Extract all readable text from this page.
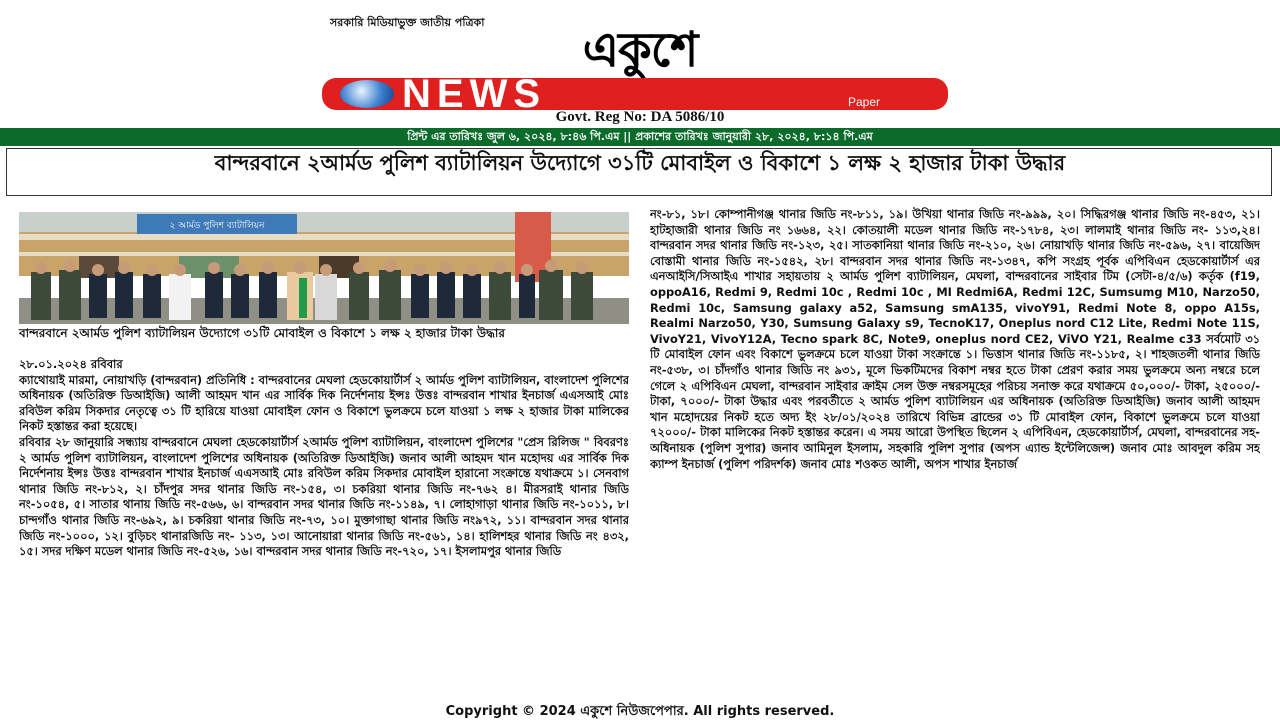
সরকারি মিডিয়াভুক্ত জাতীয় পত্রিকা	একুশে
NEWS	Paper
Govt. Reg No: DA 5086/10
প্রিন্ট এর তারিখঃ জুল ৬, ২০২৪, ৮:৪৬ পি.এম || প্রকাশের তারিখঃ জানুয়ারী ২৮, ২০২৪, ৮:১৪ পি.এম
বান্দরবানে ২আর্মড পুলিশ ব্যাটালিয়ন উদ্যোগে ৩১টি মোবাইল ও বিকাশে ১ লক্ষ ২ হাজার টাকা উদ্ধার
২ আর্মড পুলিশ ব্যাটালিয়ন
বান্দরবানে ২আর্মড পুলিশ ব্যাটালিয়ন উদ্যোগে ৩১টি মোবাইল ও বিকাশে ১ লক্ষ ২ হাজার টাকা উদ্ধার
২৮.০১.২০২৪ রবিবার
ক্যাথোয়াই মারমা, নোয়াখড়ি (বান্দরবান) প্রতিনিধি : বান্দরবানের মেঘলা হেডকোয়ার্টার্স ২ আর্মড পুলিশ ব্যাটালিয়ন, বাংলাদেশ পুলিশের অধিনায়ক (অতিরিক্ত ডিআইজি) আলী আহমদ খান এর সার্বিক দিক নির্দেশনায় ইন্সঃ উত্তঃ বান্দরবান শাখার ইনচার্জ এএসআই মোঃ রবিউল করিম সিকদার নেতৃত্বে ৩১ টি হারিয়ে যাওয়া মোবাইল ফোন ও বিকাশে ভুলক্রমে চলে যাওয়া ১ লক্ষ ২ হাজার টাকা মালিকের নিকট হস্তান্তর করা হয়েছে।
রবিবার ২৮ জানুয়ারি সন্ধ্যায় বান্দরবানে মেঘলা হেডকোয়ার্টার্স ২আর্মড পুলিশ ব্যাটালিয়ন, বাংলাদেশ পুলিশের "প্রেস রিলিজ " বিবরণঃ ২ আর্মড পুলিশ ব্যাটালিয়ন, বাংলাদেশ পুলিশের অধিনায়ক (অতিরিক্ত ডিআইজি) জনাব আলী আহমদ খান মহোদয় এর সার্বিক দিক নির্দেশনায় ইন্সঃ উত্তঃ বান্দরবান শাখার ইনচার্জ এএসআই মোঃ রবিউল করিম সিকদার মোবাইল হারানো সংক্রান্তে যথাক্রমে ১। সেনবাগ থানার জিডি নং-৮১২, ২। চাঁদপুর সদর থানার জিডি নং-১৫৪, ৩। চকরিয়া থানার জিডি নং-৭৬২ ৪। মীরসরাই থানার জিডি নং-১০৫৪, ৫। সাতার থানায় জিডি নং-৫৬৬, ৬। বান্দরবান সদর থানার জিডি নং-১১৪৯, ৭। লোহাগাড়া থানার জিডি নং-১০১১, ৮। চান্দগাঁও থানার জিডি নং-৬৯২, ৯। চকরিয়া থানার জিডি নং-৭৩, ১০। মুক্তাগাছা থানার জিডি নং৯৭২, ১১। বান্দরবান সদর থানার জিডি নং-১০০০, ১২। বুড়িচং থানারজিডি নং- ১১৩, ১৩। আনোয়ারা থানার জিডি নং-৫৬১, ১৪। হালিশহর থানার জিডি নং ৪৩২, ১৫। সদর দক্ষিণ মডেল থানার জিডি নং-৫২৬, ১৬। বান্দরবান সদর থানার জিডি নং-৭২০, ১৭। ইসলামপুর থানার জিডি
নং-৮১, ১৮। কোম্পানীগঞ্জ থানার জিডি নং-৮১১, ১৯। উখিয়া থানার জিডি নং-৯৯৯, ২০। সিদ্ধিরগঞ্জ থানার জিডি নং-৪৫৩, ২১। হাটহাজারী থানার জিডি নং ১৬৬৪, ২২। কোতয়ালী মডেল থানার জিডি নং-১৭৮৪, ২৩। লালমাই থানার জিডি নং- ১১৩,২৪। বান্দরবান সদর থানার জিডি নং-১২৩, ২৫। সাতকানিয়া থানার জিডি নং-২১০, ২৬। নোয়াখড়ি থানার জিডি নং-৫৯৬, ২৭। বায়েজিদ বোস্তামী থানার জিডি নং-১৫৪২, ২৮। বান্দরবান সদর থানার জিডি নং-১৩৪৭, কপি সংগ্রহ পূর্বক এপিবিএন হেডকোয়ার্টার্স এর এনআইসি/সিআইএ শাখার সহায়তায় ২ আর্মড পুলিশ ব্যাটালিয়ন, মেঘলা, বান্দরবানের সাইবার টিম (সেটা-৪/৫/৬) কর্তৃক (f19, oppoA16, Redmi 9, Redmi 10c , Redmi 10c , MI Redmi6A, Redmi 12C, Sumsumg M10, Narzo50, Redmi 10c, Samsung galaxy a52, Samsung smA135, vivoY91, Redmi Note 8, oppo A15s, Realmi Narzo50, Y30, Sumsung Galaxy s9, TecnoK17, Oneplus nord C12 Lite, Redmi Note 11S, VivoY21, VivoY12A, Tecno spark 8C, Note9, oneplus nord CE2, ViVO Y21, Realme c33 সর্বমোট ৩১ টি মোবাইল ফোন এবং বিকাশে ভুলক্রমে চলে যাওয়া টাকা সংক্রান্তে ১। ভিত্তাস থানার জিডি নং-১১৮৫, ২। শাহজতলী থানার জিডি নং-৫৩৮, ৩। চাঁদগাঁও থানার জিডি নং ৯৩১, মূলে ভিকটিমদের বিকাশ নম্বর হতে টাকা প্রেরণ করার সময় ভুলক্রমে অন্য নম্বরে চলে গেলে ২ এপিবিএন মেঘলা, বান্দরবান সাইবার ক্রাইম সেল উক্ত নম্বরসমূহের পরিচয় সনাক্ত করে যথাক্রমে ৫০,০০০/- টাকা, ২৫০০০/- টাকা, ৭০০০/- টাকা উদ্ধার এবং পরবর্তীতে ২ আর্মড পুলিশ ব্যাটালিয়ন এর অধিনায়ক (অতিরিক্ত ডিআইজি) জনাব আলী আহমদ খান মহোদয়ের নিকট হতে অদ্য ইং ২৮/০১/২০২৪ তারিখে বিভিন্ন ব্রান্ডের ৩১ টি মোবাইল ফোন, বিকাশে ভুলক্রমে চলে যাওয়া ৭২০০০/- টাকা মালিকের নিকট হস্তান্তর করেন। এ সময় আরো উপস্থিত ছিলেন ২ এপিবিএন, হেডকোয়ার্টার্স, মেঘলা, বান্দরবানের সহ-অধিনায়ক (পুলিশ সুপার) জনাব আমিনুল ইসলাম, সহকারি পুলিশ সুপার (অপস এ্যান্ড ইন্টেলিজেন্স) জনাব মোঃ আবদুল করিম সহ ক্যাম্প ইনচার্জ (পুলিশ পরিদর্শক) জনাব মোঃ শওকত আলী, অপস শাখার ইনচার্জ
Copyright © 2024 একুশে নিউজপেপার. All rights reserved.
